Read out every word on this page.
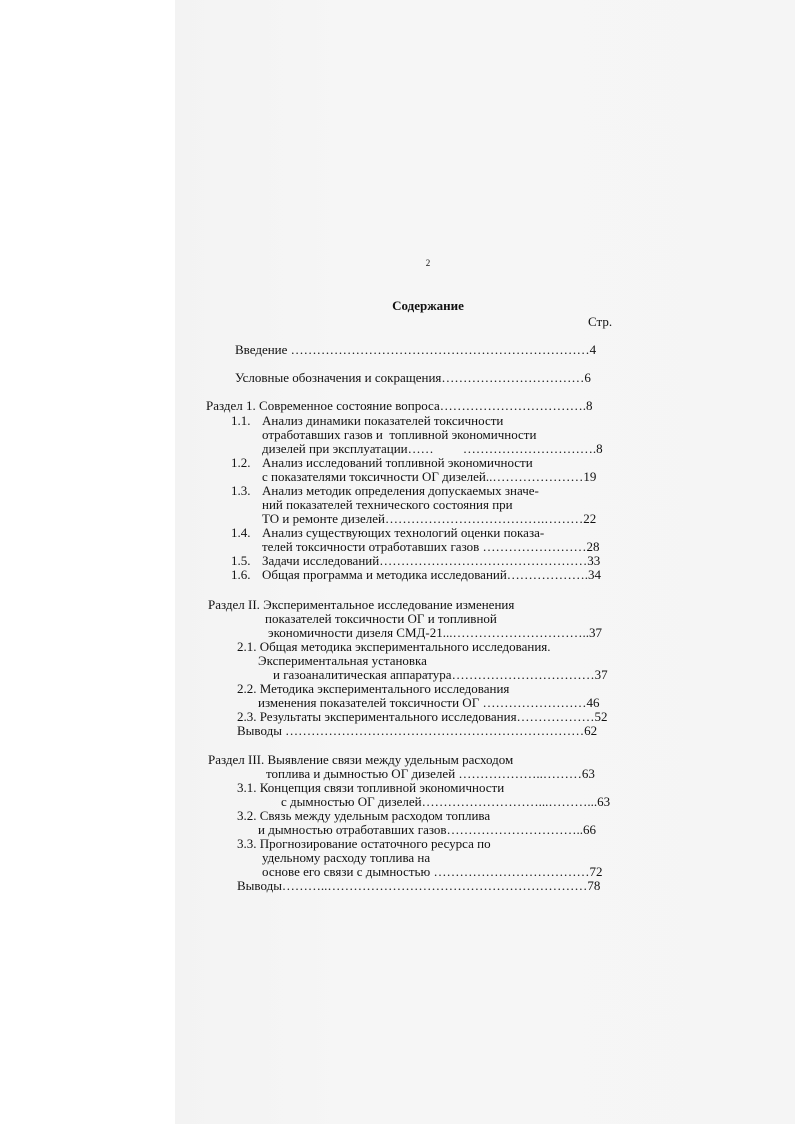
2
Содержание
Стр.
Введение ……………………………………………………………4
Условные обозначения и сокращения……………………………6
Раздел 1. Современное состояние вопроса…………………………….8
1.1. Анализ динамики показателей токсичности
отработавших газов и  топливной экономичности
дизелей при эксплуатации……         ………………………….8
1.2. Анализ исследований топливной экономичности
с показателями токсичности ОГ дизелей..…………………19
1.3. Анализ методик определения допускаемых значе-
ний показателей технического состояния при
ТО и ремонте дизелей……………………………….………22
1.4. Анализ существующих технологий оценки показа-
телей токсичности отработавших газов ……………………28
1.5. Задачи исследований…………………………………………33
1.6. Общая программа и методика исследований……………….34
Раздел II. Экспериментальное исследование изменения
показателей токсичности ОГ и топливной
экономичности дизеля СМД-21...…………………………..37
2.1. Общая методика экспериментального исследования.
Экспериментальная установка
и газоаналитическая аппаратура……………………………37
2.2. Методика экспериментального исследования
изменения показателей токсичности ОГ ……………………46
2.3. Результаты экспериментального исследования………………52
Выводы ……………………………………………………………62
Раздел III. Выявление связи между удельным расходом
топлива и дымностью ОГ дизелей ………………..………63
3.1. Концепция связи топливной экономичности
с дымностью ОГ дизелей………………………...………...63
3.2. Связь между удельным расходом топлива
и дымностью отработавших газов…………………………..66
3.3. Прогнозирование остаточного ресурса по
удельному расходу топлива на
основе его связи с дымностью ………………………………72
Выводы………..……………………………………………………78
